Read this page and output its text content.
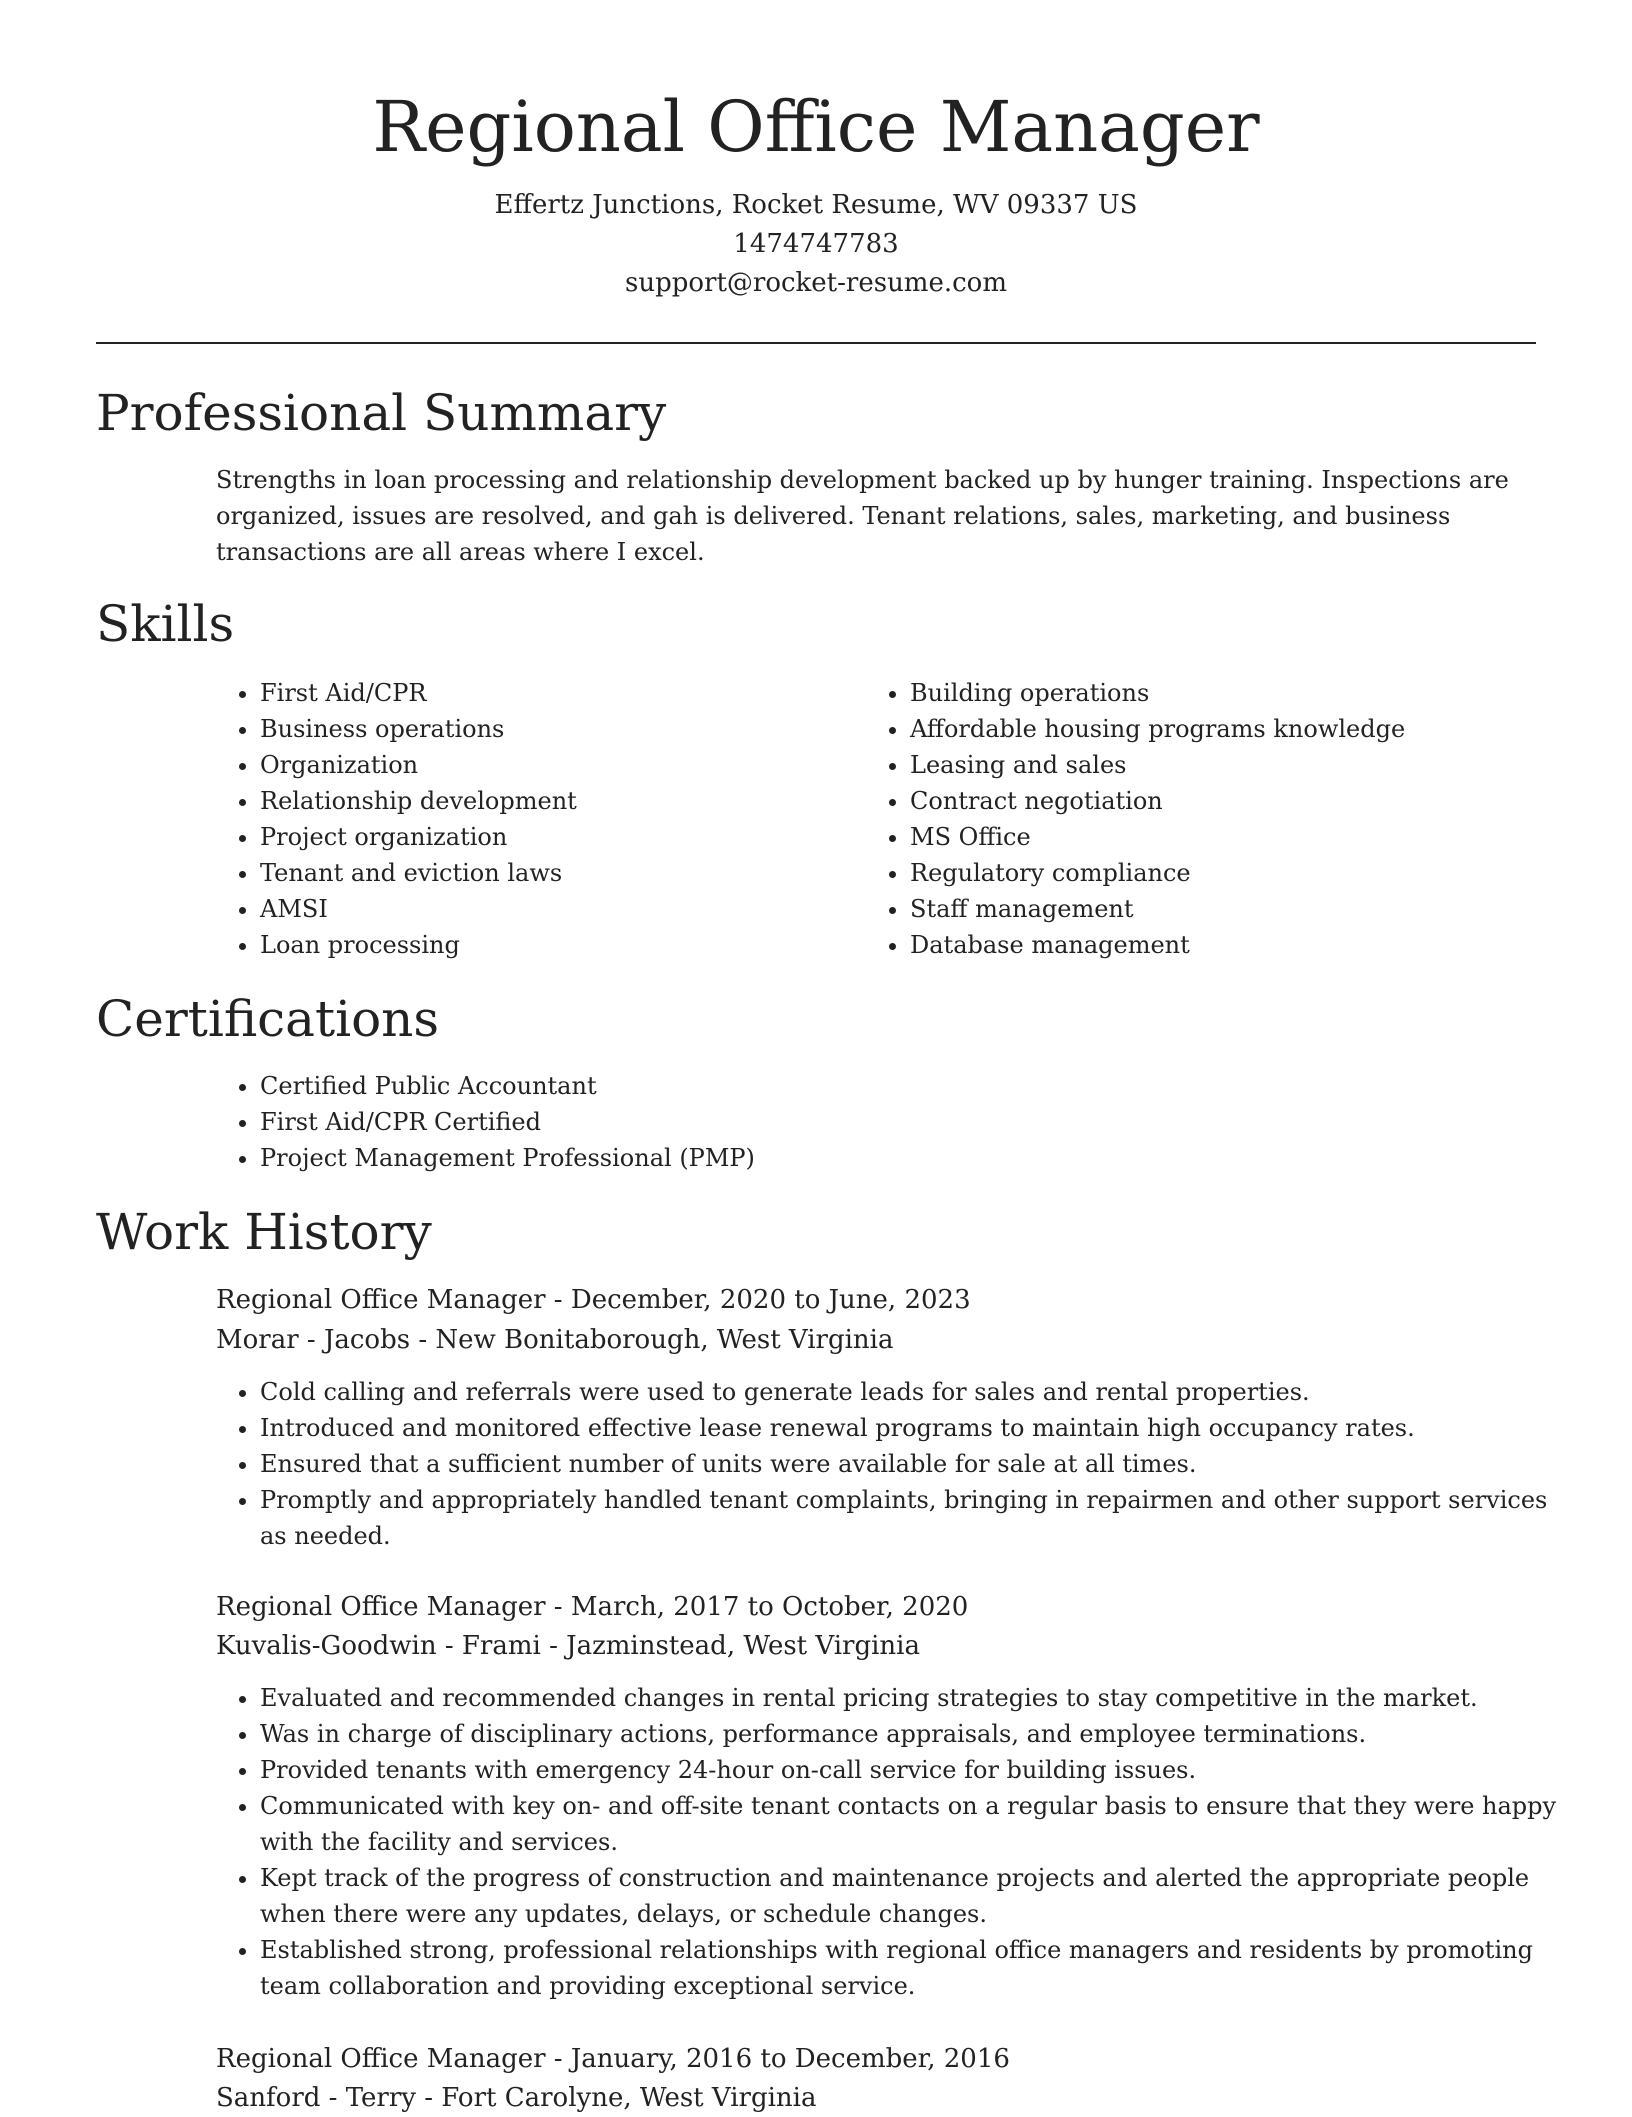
Regional Office Manager
Effertz Junctions, Rocket Resume, WV 09337 US
1474747783
support@rocket-resume.com
Professional Summary

Strengths in loan processing and relationship development backed up by hunger training. Inspections are organized, issues are resolved, and gah is delivered. Tenant relations, sales, marketing, and business transactions are all areas where I excel.

Skills
• First Aid/CPR
• Business operations
• Organization
• Relationship development
• Project organization
• Tenant and eviction laws
• AMSI
• Loan processing
• Building operations
• Affordable housing programs knowledge
• Leasing and sales
• Contract negotiation
• MS Office
• Regulatory compliance
• Staff management
• Database management
Certifications
• Certified Public Accountant
• First Aid/CPR Certified
• Project Management Professional (PMP)
Work History
Regional Office Manager - December, 2020 to June, 2023
Morar - Jacobs - New Bonitaborough, West Virginia
• Cold calling and referrals were used to generate leads for sales and rental properties.
• Introduced and monitored effective lease renewal programs to maintain high occupancy rates.
• Ensured that a sufficient number of units were available for sale at all times.
• Promptly and appropriately handled tenant complaints, bringing in repairmen and other support services as needed.
Regional Office Manager - March, 2017 to October, 2020
Kuvalis-Goodwin - Frami - Jazminstead, West Virginia
• Evaluated and recommended changes in rental pricing strategies to stay competitive in the market.
• Was in charge of disciplinary actions, performance appraisals, and employee terminations.
• Provided tenants with emergency 24-hour on-call service for building issues.
• Communicated with key on- and off-site tenant contacts on a regular basis to ensure that they were happy with the facility and services.
• Kept track of the progress of construction and maintenance projects and alerted the appropriate people when there were any updates, delays, or schedule changes.
• Established strong, professional relationships with regional office managers and residents by promoting team collaboration and providing exceptional service.
Regional Office Manager - January, 2016 to December, 2016
Sanford - Terry - Fort Carolyne, West Virginia
